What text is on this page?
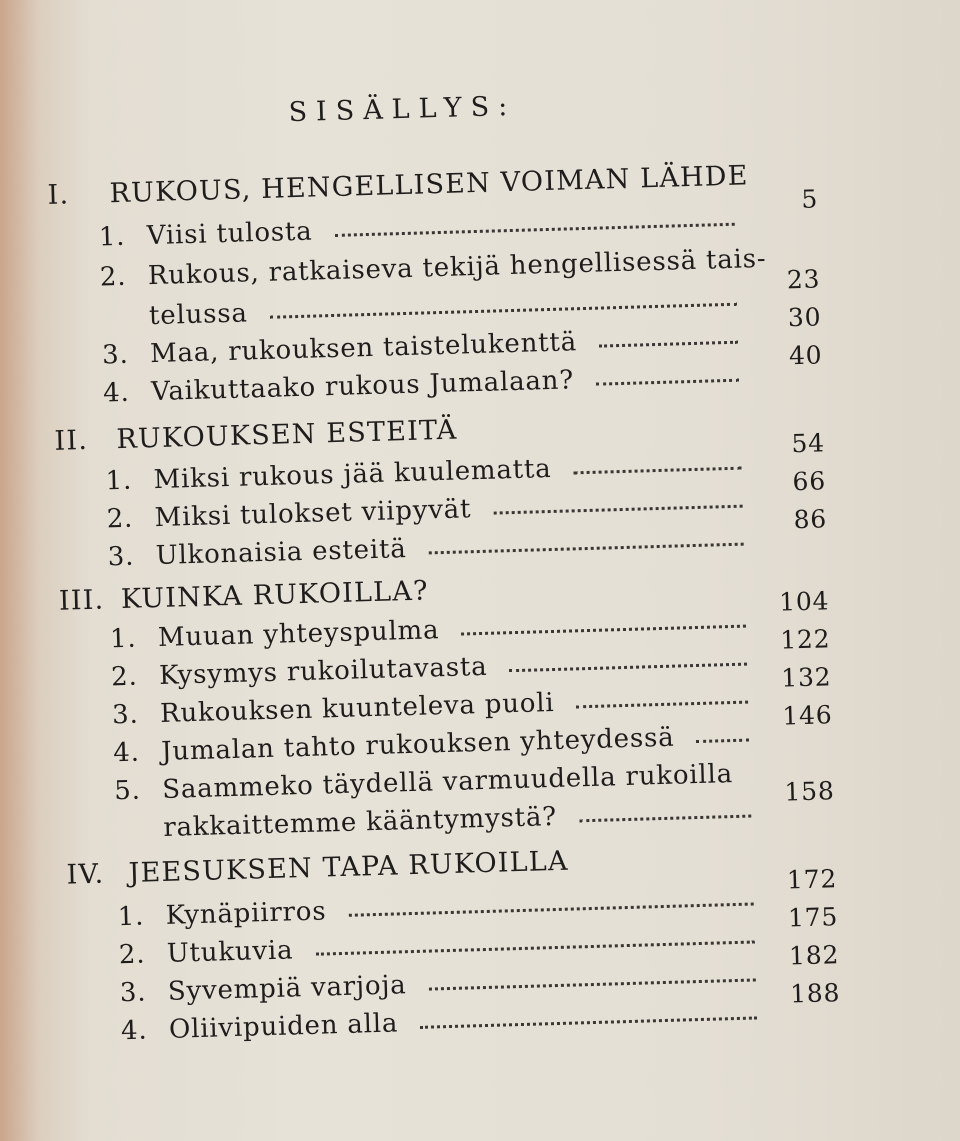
SISÄLLYS:
I.	RUKOUS, HENGELLISEN VOIMAN LÄHDE
1. Viisi tulosta
5
2. Rukous, ratkaiseva tekijä hengellisessä tais-
telussa
23
3. Maa, rukouksen taistelukenttä
30
4. Vaikuttaako rukous Jumalaan?
40
II.	RUKOUKSEN ESTEITÄ
1. Miksi rukous jää kuulematta
54
2. Miksi tulokset viipyvät
66
3. Ulkonaisia esteitä
86
III. KUINKA RUKOILLA?
1. Muuan yhteyspulma
104
2. Kysymys rukoilutavasta
122
3. Rukouksen kuunteleva puoli
132
4. Jumalan tahto rukouksen yhteydessä
146
5. Saammeko täydellä varmuudella rukoilla
rakkaittemme kääntymystä?
158
IV. JEESUKSEN TAPA RUKOILLA
1. Kynäpiirros
172
2. Utukuvia
175
3. Syvempiä varjoja
182
4. Oliivipuiden alla
188
